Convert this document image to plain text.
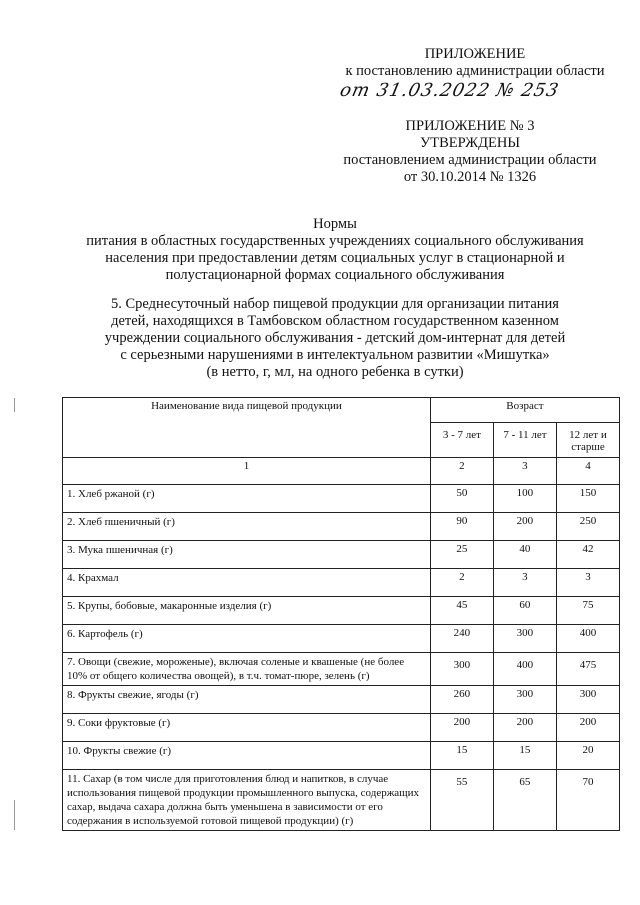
ПРИЛОЖЕНИЕ
к постановлению администрации области
от 31.03.2022 № 253
ПРИЛОЖЕНИЕ № 3
УТВЕРЖДЕНЫ
постановлением администрации области
от 30.10.2014 № 1326
Нормы
питания в областных государственных учреждениях социального обслуживания
населения при предоставлении детям социальных услуг в стационарной и
полустационарной формах социального обслуживания
5. Среднесуточный набор пищевой продукции для организации питания
детей, находящихся в Тамбовском областном государственном казенном
учреждении социального обслуживания - детский дом-интернат для детей
с серьезными нарушениями в интелектуальном развитии «Мишутка»
(в нетто, г, мл, на одного ребенка в сутки)
Наименование вида пищевой продукции	Возраст		
	3 - 7 лет	7 - 11 лет	12 лет и старше
1	2	3	4
1. Хлеб ржаной (г)	50	100	150
2. Хлеб пшеничный (г)	90	200	250
3. Мука пшеничная (г)	25	40	42
4. Крахмал	2	3	3
5. Крупы, бобовые, макаронные изделия (г)	45	60	75
6. Картофель (г)	240	300	400
7. Овощи (свежие, мороженые), включая соленые и квашеные (не более 10% от общего количества овощей), в т.ч. томат-пюре, зелень (г)	300	400	475
8. Фрукты свежие, ягоды (г)	260	300	300
9. Соки фруктовые (г)	200	200	200
10. Фрукты свежие (г)	15	15	20
11. Сахар (в том числе для приготовления блюд и напитков, в случае использования пищевой продукции промышленного выпуска, содержащих сахар, выдача сахара должна быть уменьшена в зависимости от его содержания в используемой готовой пищевой продукции) (г)	55	65	70
